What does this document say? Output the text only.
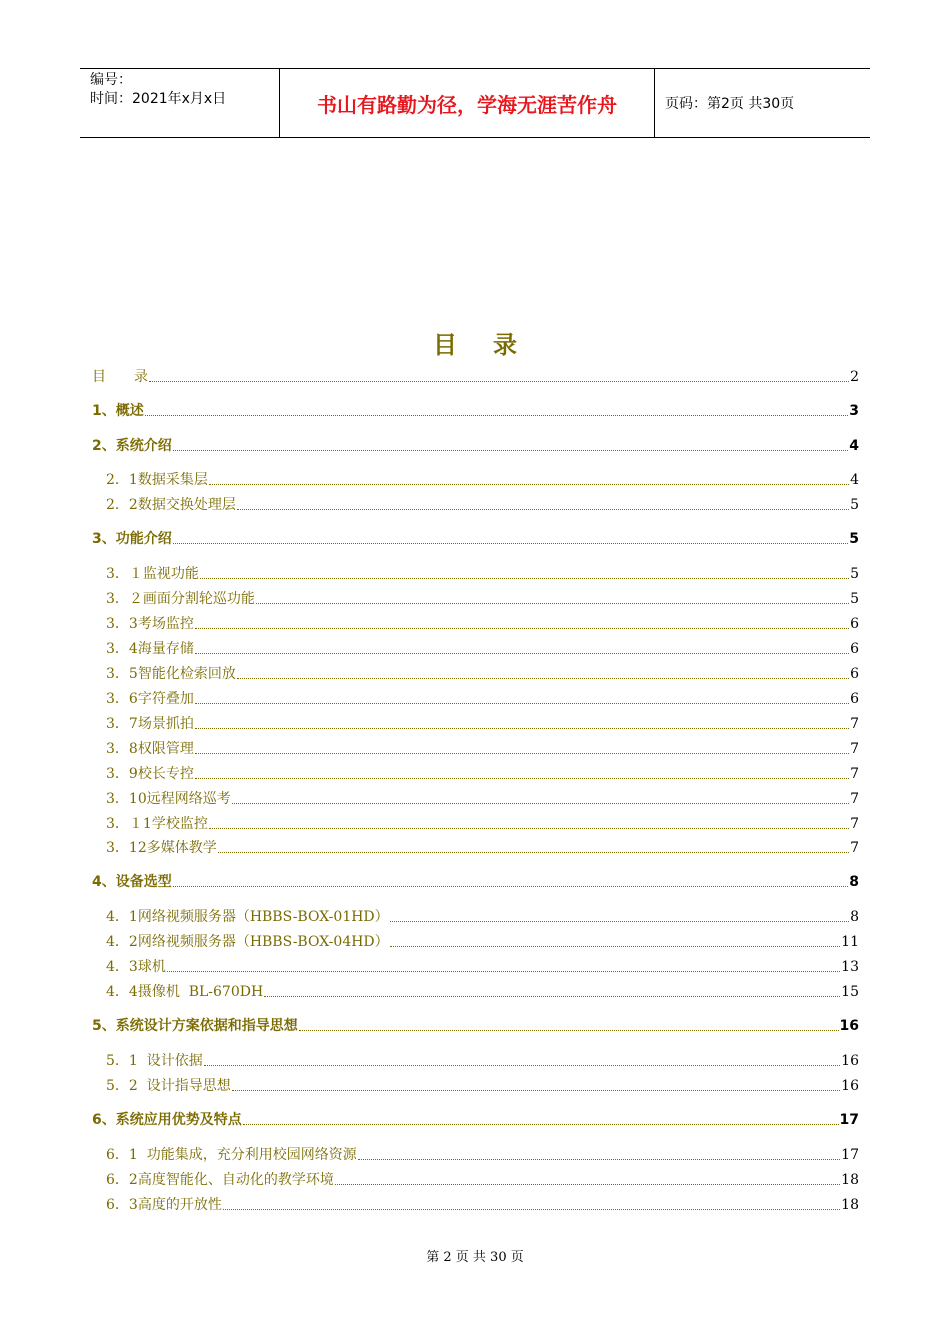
编号：
时间：2021年x月x日	书山有路勤为径，学海无涯苦作舟	页码：第2页 共30页
目录
目　　录	2
1、概述	3
2、系统介绍	4
2．1数据采集层	4
2．2数据交换处理层	5
3、功能介绍	5
3．１监视功能	5
3．２画面分割轮巡功能	5
3．3考场监控	6
3．4海量存储	6
3．5智能化检索回放	6
3．6字符叠加	6
3．7场景抓拍	7
3．8权限管理	7
3．9校长专控	7
3．10远程网络巡考	7
3．１1学校监控	7
3．12多媒体教学	7
4、设备选型	8
4．1网络视频服务器（HBBS-BOX-01HD）	8
4．2网络视频服务器（HBBS-BOX-04HD）	11
4．3球机	13
4．4摄像机  BL-670DH	15
5、系统设计方案依据和指导思想	16
5．1  设计依据	16
5．2  设计指导思想	16
6、系统应用优势及特点	17
6．1  功能集成，充分利用校园网络资源	17
6．2高度智能化、自动化的教学环境	18
6．3高度的开放性	18
第 2 页 共 30 页
